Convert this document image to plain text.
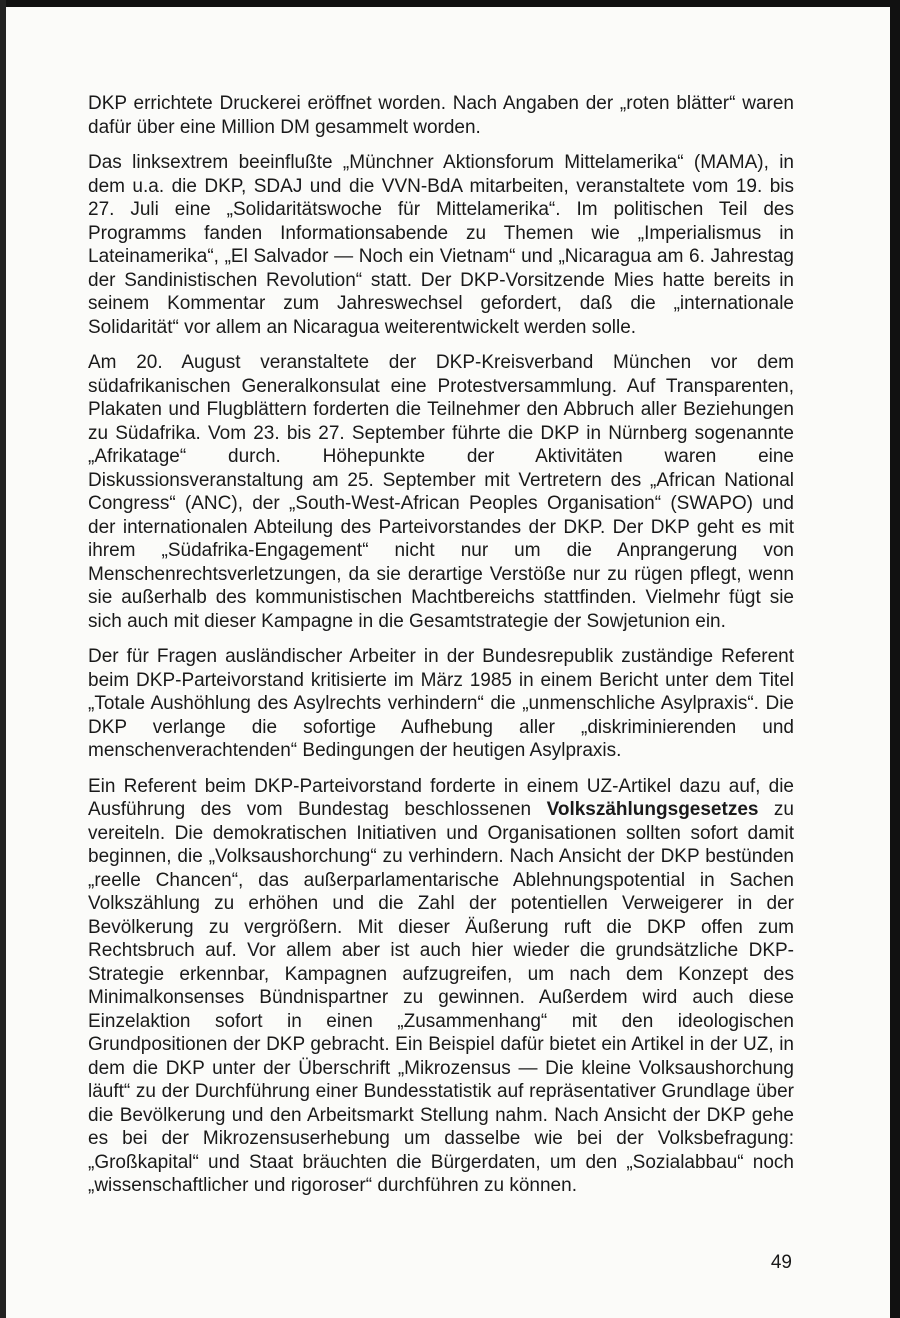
DKP errichtete Druckerei eröffnet worden. Nach Angaben der „roten blätter“ waren dafür über eine Million DM gesammelt worden.

Das linksextrem beeinflußte „Münchner Aktionsforum Mittelamerika“ (MAMA), in dem u.a. die DKP, SDAJ und die VVN-BdA mitarbeiten, veranstaltete vom 19. bis 27. Juli eine „Solidaritätswoche für Mittelamerika“. Im politischen Teil des Programms fanden Informationsabende zu Themen wie „Imperialismus in Lateinamerika“, „El Salvador — Noch ein Vietnam“ und „Nicaragua am 6. Jahrestag der Sandinistischen Revolution“ statt. Der DKP-Vorsitzende Mies hatte bereits in seinem Kommentar zum Jahreswechsel gefordert, daß die „internationale Solidarität“ vor allem an Nicaragua weiterentwickelt werden solle.

Am 20. August veranstaltete der DKP-Kreisverband München vor dem südafrikanischen Generalkonsulat eine Protestversammlung. Auf Transparenten, Plakaten und Flugblättern forderten die Teilnehmer den Abbruch aller Beziehungen zu Südafrika. Vom 23. bis 27. September führte die DKP in Nürnberg sogenannte „Afrikatage“ durch. Höhepunkte der Aktivitäten waren eine Diskussionsveranstaltung am 25. September mit Vertretern des „African National Congress“ (ANC), der „South-West-African Peoples Organisation“ (SWAPO) und der internationalen Abteilung des Parteivorstandes der DKP. Der DKP geht es mit ihrem „Südafrika-Engagement“ nicht nur um die Anprangerung von Menschenrechtsverletzungen, da sie derartige Verstöße nur zu rügen pflegt, wenn sie außerhalb des kommunistischen Machtbereichs stattfinden. Vielmehr fügt sie sich auch mit dieser Kampagne in die Gesamtstrategie der Sowjetunion ein.

Der für Fragen ausländischer Arbeiter in der Bundesrepublik zuständige Referent beim DKP-Parteivorstand kritisierte im März 1985 in einem Bericht unter dem Titel „Totale Aushöhlung des Asylrechts verhindern“ die „unmenschliche Asylpraxis“. Die DKP verlange die sofortige Aufhebung aller „diskriminierenden und menschenverachtenden“ Bedingungen der heutigen Asylpraxis.

Ein Referent beim DKP-Parteivorstand forderte in einem UZ-Artikel dazu auf, die Ausführung des vom Bundestag beschlossenen Volkszählungsgesetzes zu vereiteln. Die demokratischen Initiativen und Organisationen sollten sofort damit beginnen, die „Volksaushorchung“ zu verhindern. Nach Ansicht der DKP bestünden „reelle Chancen“, das außerparlamentarische Ablehnungspotential in Sachen Volkszählung zu erhöhen und die Zahl der potentiellen Verweigerer in der Bevölkerung zu vergrößern. Mit dieser Äußerung ruft die DKP offen zum Rechtsbruch auf. Vor allem aber ist auch hier wieder die grundsätzliche DKP-Strategie erkennbar, Kampagnen aufzugreifen, um nach dem Konzept des Minimalkonsenses Bündnispartner zu gewinnen. Außerdem wird auch diese Einzelaktion sofort in einen „Zusammenhang“ mit den ideologischen Grundpositionen der DKP gebracht. Ein Beispiel dafür bietet ein Artikel in der UZ, in dem die DKP unter der Überschrift „Mikrozensus — Die kleine Volksaushorchung läuft“ zu der Durchführung einer Bundesstatistik auf repräsentativer Grundlage über die Bevölkerung und den Arbeitsmarkt Stellung nahm. Nach Ansicht der DKP gehe es bei der Mikrozensuserhebung um dasselbe wie bei der Volksbefragung: „Großkapital“ und Staat bräuchten die Bürgerdaten, um den „Sozialabbau“ noch „wissenschaftlicher und rigoroser“ durchführen zu können.

49
